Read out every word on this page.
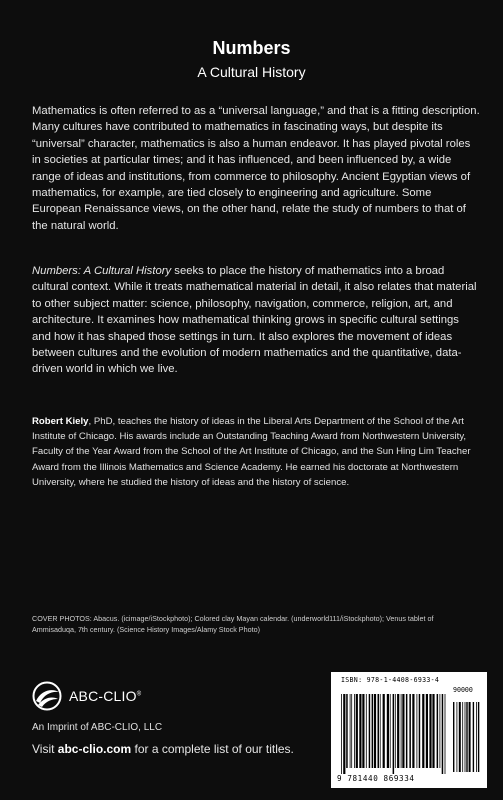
Numbers
A Cultural History

Mathematics is often referred to as a “universal language,” and that is a fitting description. Many cultures have contributed to mathematics in fascinating ways, but despite its “universal” character, mathematics is also a human endeavor. It has played pivotal roles in societies at particular times; and it has influenced, and been influenced by, a wide range of ideas and institutions, from commerce to philosophy. Ancient Egyptian views of mathematics, for example, are tied closely to engineering and agriculture. Some European Renaissance views, on the other hand, relate the study of numbers to that of the natural world.

Numbers: A Cultural History seeks to place the history of mathematics into a broad cultural context. While it treats mathematical material in detail, it also relates that material to other subject matter: science, philosophy, navigation, commerce, religion, art, and architecture. It examines how mathematical thinking grows in specific cultural settings and how it has shaped those settings in turn. It also explores the movement of ideas between cultures and the evolution of modern mathematics and the quantitative, data-driven world in which we live.

Robert Kiely, PhD, teaches the history of ideas in the Liberal Arts Department of the School of the Art Institute of Chicago. His awards include an Outstanding Teaching Award from Northwestern University, Faculty of the Year Award from the School of the Art Institute of Chicago, and the Sun Hing Lim Teacher Award from the Illinois Mathematics and Science Academy. He earned his doctorate at Northwestern University, where he studied the history of ideas and the history of science.

COVER PHOTOS: Abacus. (icimage/iStockphoto); Colored clay Mayan calendar. (underworld111/iStockphoto); Venus tablet of Ammisaduqa, 7th century. (Science History Images/Alamy Stock Photo)

ABC-CLIO®
An Imprint of ABC-CLIO, LLC
Visit abc-clio.com for a complete list of our titles.
ISBN: 978-1-4408-6933-4
90000
9 781440 869334
